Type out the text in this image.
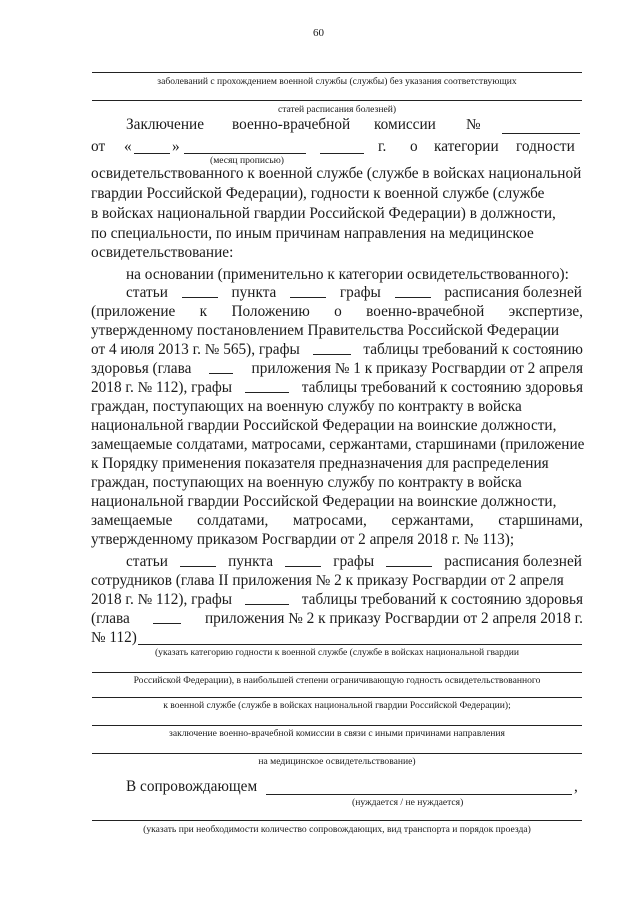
60
заболеваний с прохождением военной службы (службы) без указания соответствующих
статей расписания болезней)
Заключение военно-врачебной комиссии №
от «	»	г. о категории годности
(месяц прописью)
освидетельствованного к военной службе (службе в войсках национальной
гвардии Российской Федерации), годности к военной службе (службе
в войсках национальной гвардии Российской Федерации) в должности,
по специальности, по иным причинам направления на медицинское
освидетельствование:
на основании (применительно к категории освидетельствованного):
статьи	пункта	графы	расписания болезней
(приложение к Положению о военно-врачебной экспертизе,
утвержденному постановлением Правительства Российской Федерации
от 4 июля 2013 г. № 565), графы	таблицы требований к состоянию
здоровья (глава	приложения № 1 к приказу Росгвардии от 2 апреля
2018 г. № 112), графы	таблицы требований к состоянию здоровья
граждан, поступающих на военную службу по контракту в войска
национальной гвардии Российской Федерации на воинские должности,
замещаемые солдатами, матросами, сержантами, старшинами (приложение
к Порядку применения показателя предназначения для распределения
граждан, поступающих на военную службу по контракту в войска
национальной гвардии Российской Федерации на воинские должности,
замещаемые солдатами, матросами, сержантами, старшинами,
утвержденному приказом Росгвардии от 2 апреля 2018 г. № 113);
статьи	пункта	графы	расписания болезней
сотрудников (глава II приложения № 2 к приказу Росгвардии от 2 апреля
2018 г. № 112), графы	таблицы требований к состоянию здоровья
(глава	приложения № 2 к приказу Росгвардии от 2 апреля 2018 г.
№ 112)
(указать категорию годности к военной службе (службе в войсках национальной гвардии
Российской Федерации), в наибольшей степени ограничивающую годность освидетельствованного
к военной службе (службе в войсках национальной гвардии Российской Федерации);
заключение военно-врачебной комиссии в связи с иными причинами направления
на медицинское освидетельствование)
В сопровождающем	,
(нуждается / не нуждается)
(указать при необходимости количество сопровождающих, вид транспорта и порядок проезда)
